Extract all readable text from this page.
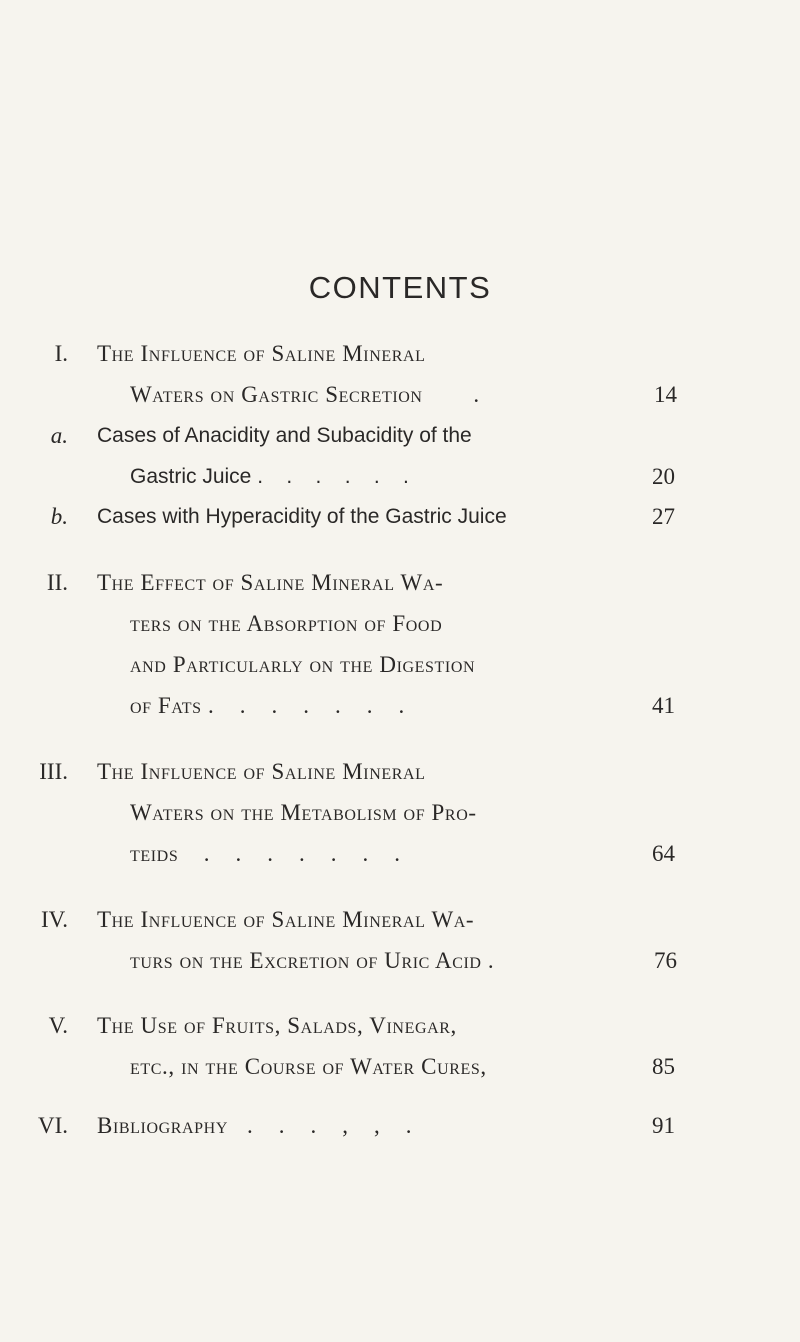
CONTENTS
I. The Influence of Saline Mineral
Waters on Gastric Secretion        .	14
a. Cases of Anacidity and Subacidity of the
Gastric Juice .    .    .    .    .    .	20
b. Cases with Hyperacidity of the Gastric Juice	27
II. The Effect of Saline Mineral Wa-
ters on the Absorption of Food
and Particularly on the Digestion
of Fats .    .    .    .    .    .    .	41
III. The Influence of Saline Mineral
Waters on the Metabolism of Pro-
teids    .    .    .    .    .    .    .	64
IV. The Influence of Saline Mineral Wa-
turs on the Excretion of Uric Acid .	76
V. The Use of Fruits, Salads, Vinegar,
etc., in the Course of Water Cures,	85
VI. Bibliography   .    .    .    ,    ,    .	91
